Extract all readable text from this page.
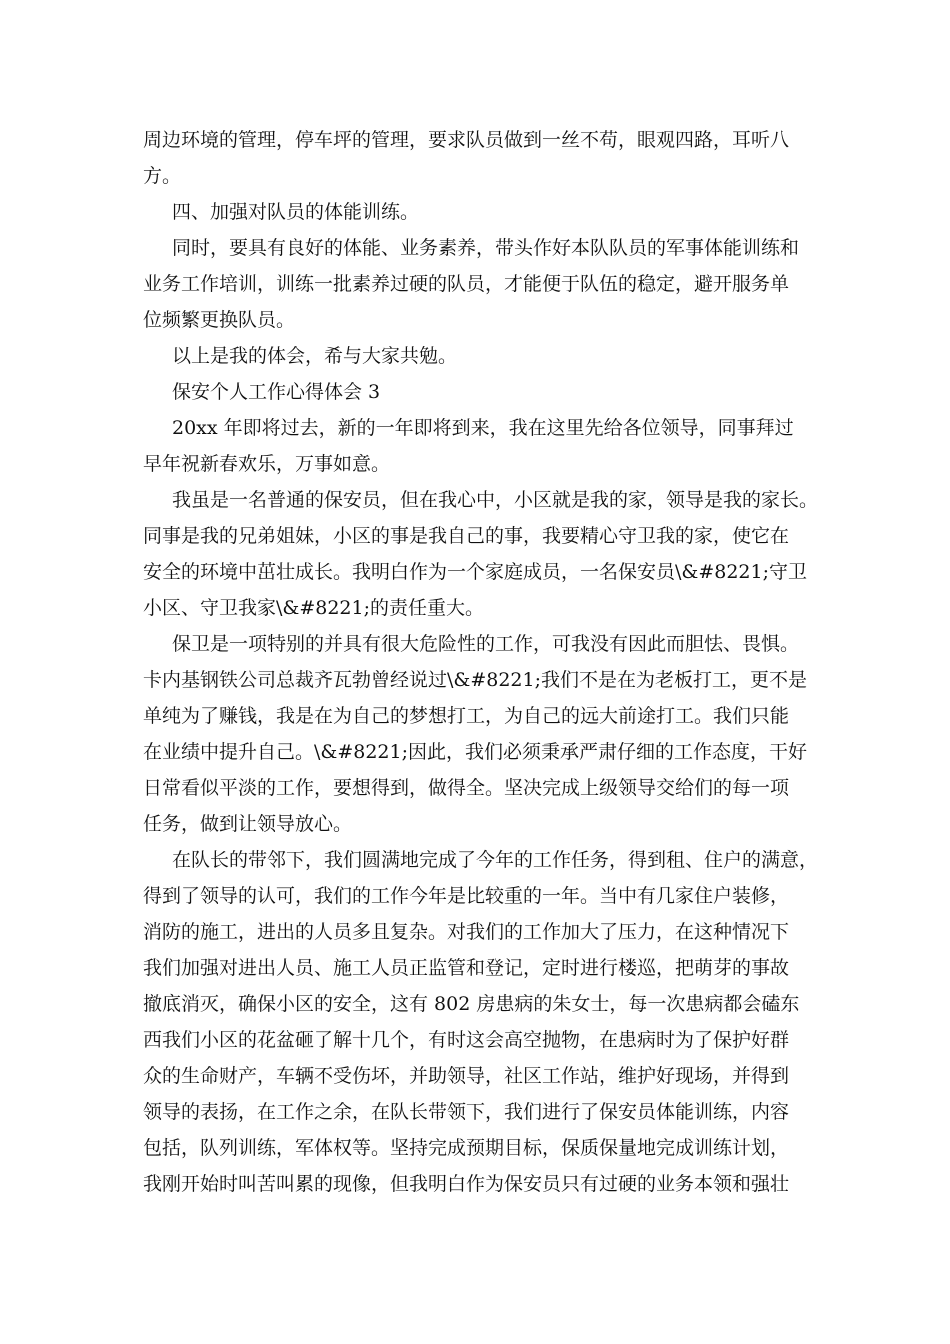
周边环境的管理，停车坪的管理，要求队员做到一丝不苟，眼观四路，耳听八
方。
四、加强对队员的体能训练。
同时，要具有良好的体能、业务素养，带头作好本队队员的军事体能训练和
业务工作培训，训练一批素养过硬的队员，才能便于队伍的稳定，避开服务单
位频繁更换队员。
以上是我的体会，希与大家共勉。
保安个人工作心得体会 3
20xx 年即将过去，新的一年即将到来，我在这里先给各位领导，同事拜过
早年祝新春欢乐，万事如意。
我虽是一名普通的保安员，但在我心中，小区就是我的家，领导是我的家长。
同事是我的兄弟姐妹，小区的事是我自己的事，我要精心守卫我的家，使它在
安全的环境中茁壮成长。我明白作为一个家庭成员，一名保安员\&#8221;守卫
小区、守卫我家\&#8221;的责任重大。
保卫是一项特别的并具有很大危险性的工作，可我没有因此而胆怯、畏惧。
卡内基钢铁公司总裁齐瓦勃曾经说过\&#8221;我们不是在为老板打工，更不是
单纯为了赚钱，我是在为自己的梦想打工，为自己的远大前途打工。我们只能
在业绩中提升自己。\&#8221;因此，我们必须秉承严肃仔细的工作态度，干好
日常看似平淡的工作，要想得到，做得全。坚决完成上级领导交给们的每一项
任务，做到让领导放心。
在队长的带邻下，我们圆满地完成了今年的工作任务，得到租、住户的满意，
得到了领导的认可，我们的工作今年是比较重的一年。当中有几家住户装修，
消防的施工，进出的人员多且复杂。对我们的工作加大了压力，在这种情况下
我们加强对进出人员、施工人员正监管和登记，定时进行楼巡，把萌芽的事故
撤底消灭，确保小区的安全，这有 802 房患病的朱女士，每一次患病都会磕东
西我们小区的花盆砸了解十几个，有时这会高空抛物，在患病时为了保护好群
众的生命财产，车辆不受伤坏，并助领导，社区工作站，维护好现场，并得到
领导的表扬，在工作之余，在队长带领下，我们进行了保安员体能训练，内容
包括，队列训练，军体权等。坚持完成预期目标，保质保量地完成训练计划，
我刚开始时叫苦叫累的现像，但我明白作为保安员只有过硬的业务本领和强壮
